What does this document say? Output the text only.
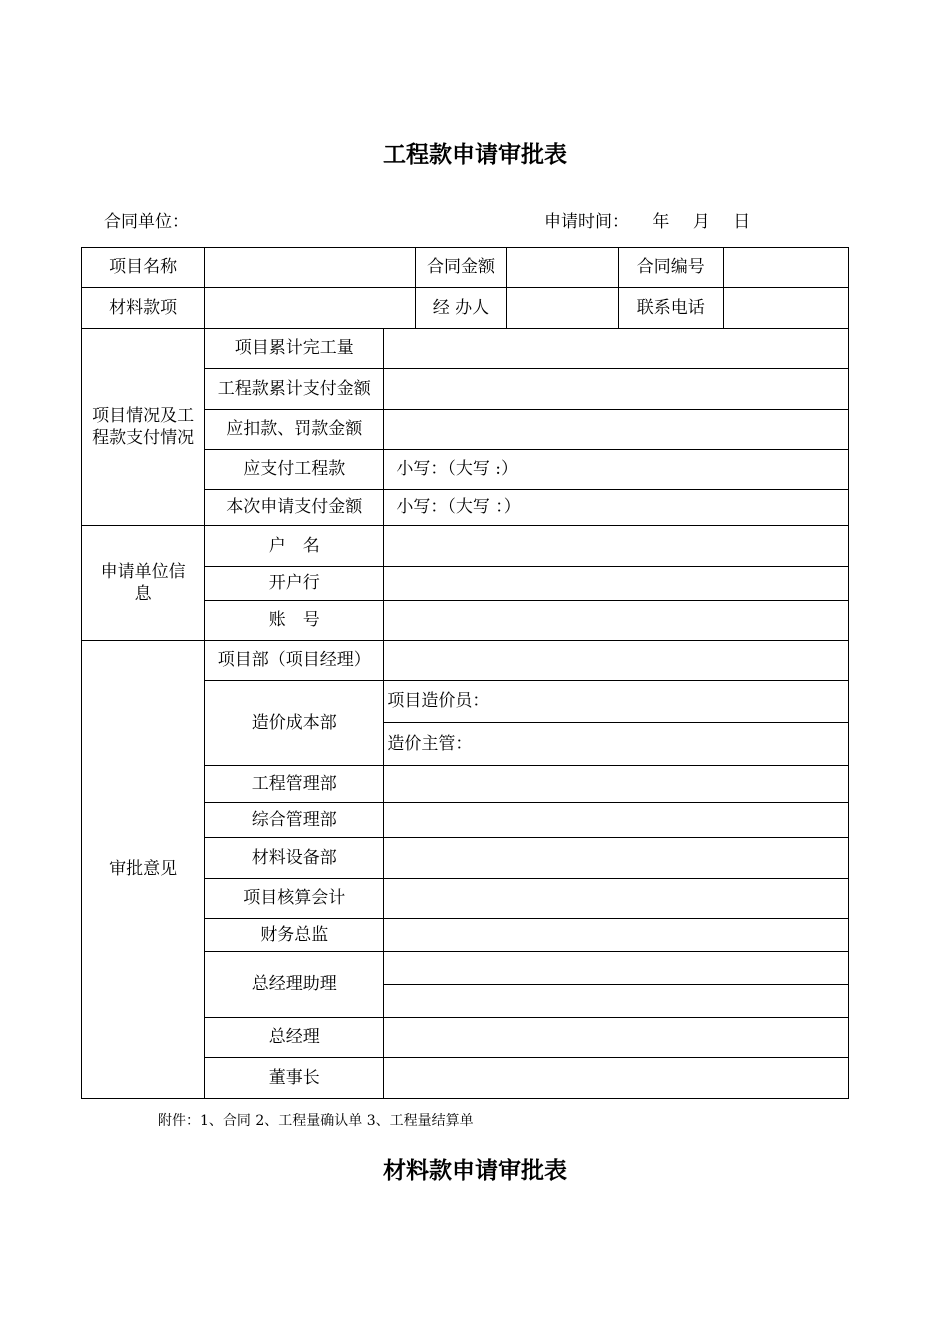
工程款申请审批表
合同单位：	申请时间： 年 月 日
项目名称			合同金额		合同编号	
材料款项			经 办人		联系电话	
项目情况及工程款支付情况	项目累计完工量					
	工程款累计支付金额					
	应扣款、罚款金额					
	应支付工程款	小写：（大写 :）				
	本次申请支付金额	小写：（大写 ：）				
申请单位信息	户　名					
	开户行					
	账　号					
审批意见	项目部（项目经理）					
	造价成本部	项目造价员：				
		造价主管：				
	工程管理部					
	综合管理部					
	材料设备部					
	项目核算会计					
	财务总监					
	总经理助理					

	总经理					
	董事长					
附件：1、合同 2、工程量确认单 3、工程量结算单
材料款申请审批表
